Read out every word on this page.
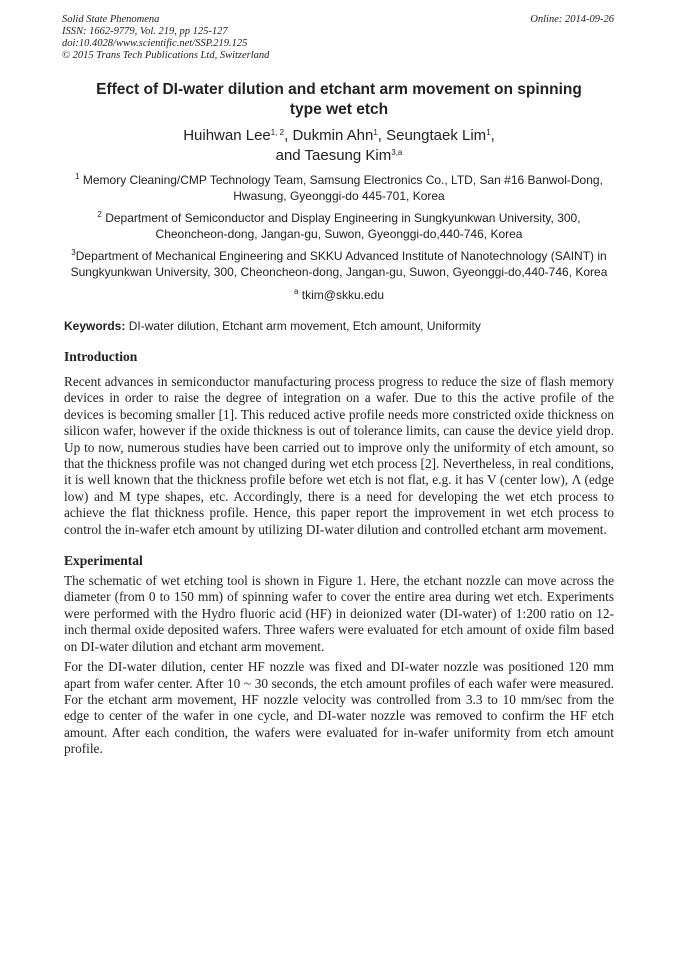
Solid State Phenomena
ISSN: 1662-9779, Vol. 219, pp 125-127
doi:10.4028/www.scientific.net/SSP.219.125
© 2015 Trans Tech Publications Ltd, Switzerland
Online: 2014-09-26
Effect of DI-water dilution and etchant arm movement on spinning type wet etch
Huihwan Lee$^{1, 2}$, Dukmin Ahn$^1$, Seungtaek Lim$^1$,
and Taesung Kim$^{3,a}$
$^1$ Memory Cleaning/CMP Technology Team, Samsung Electronics Co., LTD, San #16 Banwol-Dong, Hwasung, Gyeonggi-do 445-701, Korea
$^2$ Department of Semiconductor and Display Engineering in Sungkyunkwan University, 300, Cheoncheon-dong, Jangan-gu, Suwon, Gyeonggi-do,440-746, Korea
$^3$Department of Mechanical Engineering and SKKU Advanced Institute of Nanotechnology (SAINT) in Sungkyunkwan University, 300, Cheoncheon-dong, Jangan-gu, Suwon, Gyeonggi-do,440-746, Korea
$^a$ tkim@skku.edu
Keywords: DI-water dilution, Etchant arm movement, Etch amount, Uniformity
Introduction
Recent advances in semiconductor manufacturing process progress to reduce the size of flash memory devices in order to raise the degree of integration on a wafer. Due to this the active profile of the devices is becoming smaller [1]. This reduced active profile needs more constricted oxide thickness on silicon wafer, however if the oxide thickness is out of tolerance limits, can cause the device yield drop. Up to now, numerous studies have been carried out to improve only the uniformity of etch amount, so that the thickness profile was not changed during wet etch process [2]. Nevertheless, in real conditions, it is well known that the thickness profile before wet etch is not flat, e.g. it has V (center low), Λ (edge low) and M type shapes, etc. Accordingly, there is a need for developing the wet etch process to achieve the flat thickness profile. Hence, this paper report the improvement in wet etch process to control the in-wafer etch amount by utilizing DI-water dilution and controlled etchant arm movement.
Experimental
The schematic of wet etching tool is shown in Figure 1. Here, the etchant nozzle can move across the diameter (from 0 to 150 mm) of spinning wafer to cover the entire area during wet etch. Experiments were performed with the Hydro fluoric acid (HF) in deionized water (DI-water) of 1:200 ratio on 12-inch thermal oxide deposited wafers. Three wafers were evaluated for etch amount of oxide film based on DI-water dilution and etchant arm movement.
For the DI-water dilution, center HF nozzle was fixed and DI-water nozzle was positioned 120 mm apart from wafer center. After 10 ~ 30 seconds, the etch amount profiles of each wafer were measured. For the etchant arm movement, HF nozzle velocity was controlled from 3.3 to 10 mm/sec from the edge to center of the wafer in one cycle, and DI-water nozzle was removed to confirm the HF etch amount. After each condition, the wafers were evaluated for in-wafer uniformity from etch amount profile.
